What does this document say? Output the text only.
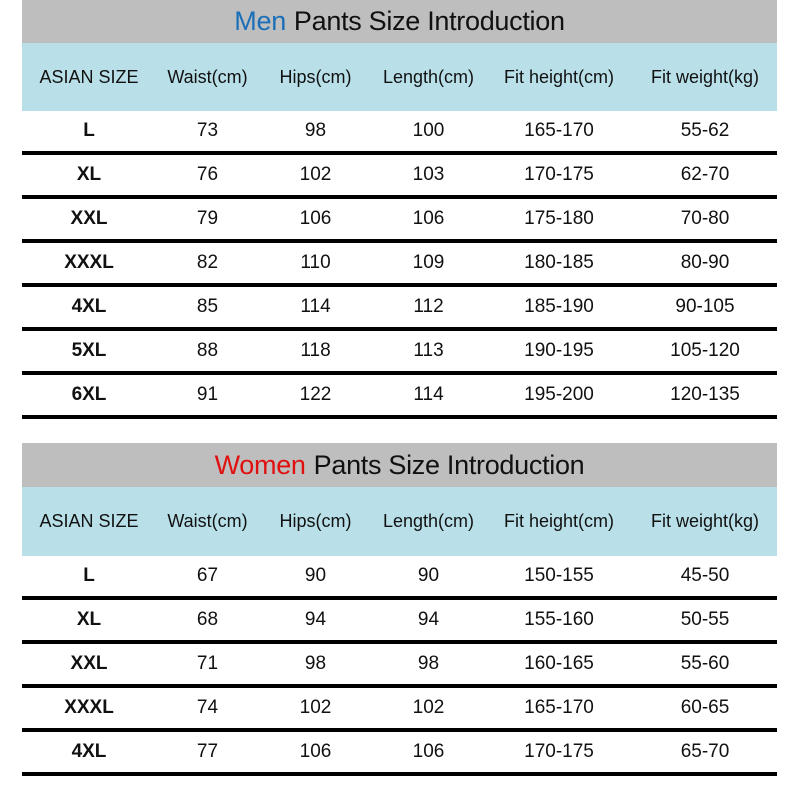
Men Pants Size Introduction
ASIAN SIZE	Waist(cm)	Hips(cm)	Length(cm)	Fit height(cm)	Fit weight(kg)
L	73	98	100	165-170	55-62
XL	76	102	103	170-175	62-70
XXL	79	106	106	175-180	70-80
XXXL	82	110	109	180-185	80-90
4XL	85	114	112	185-190	90-105
5XL	88	118	113	190-195	105-120
6XL	91	122	114	195-200	120-135
Women Pants Size Introduction
ASIAN SIZE	Waist(cm)	Hips(cm)	Length(cm)	Fit height(cm)	Fit weight(kg)
L	67	90	90	150-155	45-50
XL	68	94	94	155-160	50-55
XXL	71	98	98	160-165	55-60
XXXL	74	102	102	165-170	60-65
4XL	77	106	106	170-175	65-70
